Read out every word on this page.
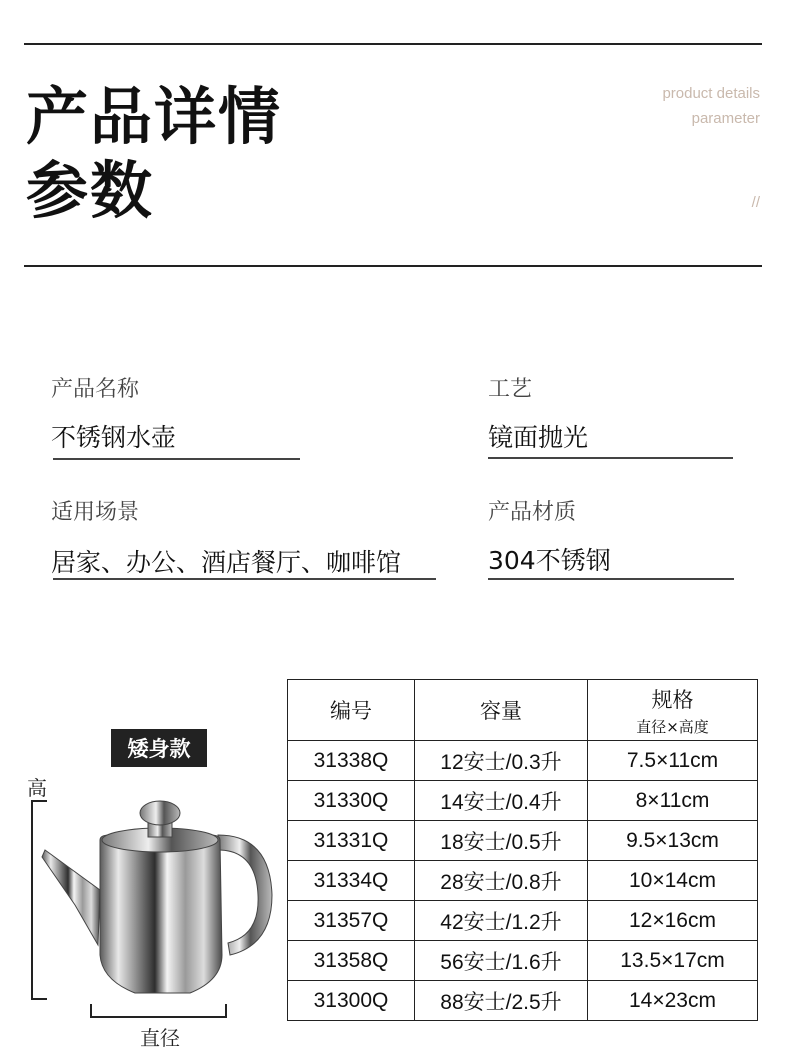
产品详情
参数
product details
parameter
//
产品名称
不锈钢水壶
工艺
镜面抛光
适用场景
居家、办公、酒店餐厅、咖啡馆
产品材质
304不锈钢
矮身款
高
直径
编号	容量	规格
直径×高度

31338Q	12安士/0.3升	7.5×11cm
31330Q	14安士/0.4升	8×11cm
31331Q	18安士/0.5升	9.5×13cm
31334Q	28安士/0.8升	10×14cm
31357Q	42安士/1.2升	12×16cm
31358Q	56安士/1.6升	13.5×17cm
31300Q	88安士/2.5升	14×23cm
